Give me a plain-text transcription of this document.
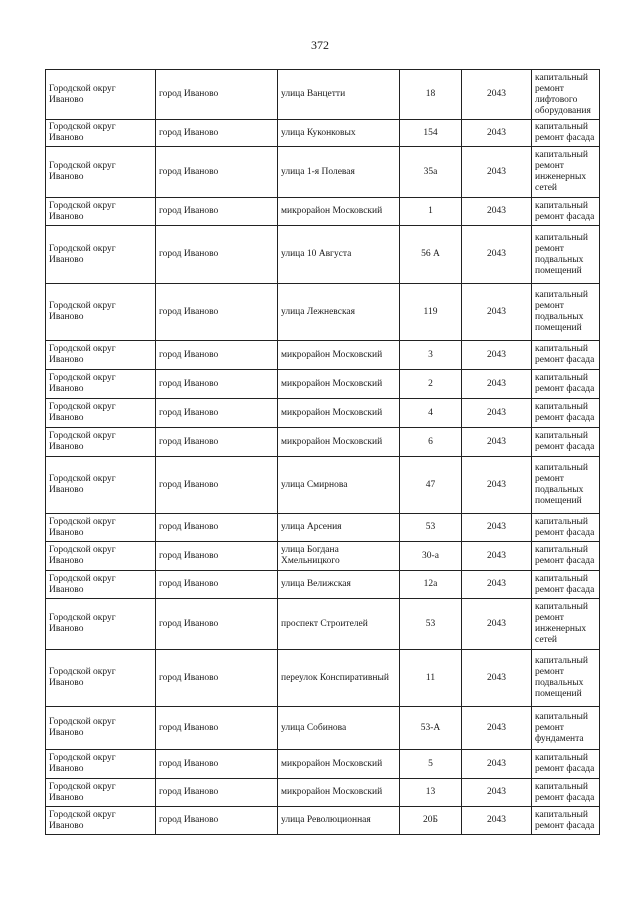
372
Городской округ Иваново	город Иваново	улица Ванцетти	18	2043	капитальный ремонт лифтового оборудования
Городской округ Иваново	город Иваново	улица Куконковых	154	2043	капитальный ремонт фасада
Городской округ Иваново	город Иваново	улица 1-я Полевая	35а	2043	капитальный ремонт инженерных сетей
Городской округ Иваново	город Иваново	микрорайон Московский	1	2043	капитальный ремонт фасада
Городской округ Иваново	город Иваново	улица 10 Августа	56 А	2043	капитальный ремонт подвальных помещений
Городской округ Иваново	город Иваново	улица Лежневская	119	2043	капитальный ремонт подвальных помещений
Городской округ Иваново	город Иваново	микрорайон Московский	3	2043	капитальный ремонт фасада
Городской округ Иваново	город Иваново	микрорайон Московский	2	2043	капитальный ремонт фасада
Городской округ Иваново	город Иваново	микрорайон Московский	4	2043	капитальный ремонт фасада
Городской округ Иваново	город Иваново	микрорайон Московский	6	2043	капитальный ремонт фасада
Городской округ Иваново	город Иваново	улица Смирнова	47	2043	капитальный ремонт подвальных помещений
Городской округ Иваново	город Иваново	улица Арсения	53	2043	капитальный ремонт фасада
Городской округ Иваново	город Иваново	улица Богдана Хмельницкого	30-а	2043	капитальный ремонт фасада
Городской округ Иваново	город Иваново	улица Велижская	12а	2043	капитальный ремонт фасада
Городской округ Иваново	город Иваново	проспект Строителей	53	2043	капитальный ремонт инженерных сетей
Городской округ Иваново	город Иваново	переулок Конспиративный	11	2043	капитальный ремонт подвальных помещений
Городской округ Иваново	город Иваново	улица Собинова	53-А	2043	капитальный ремонт фундамента
Городской округ Иваново	город Иваново	микрорайон Московский	5	2043	капитальный ремонт фасада
Городской округ Иваново	город Иваново	микрорайон Московский	13	2043	капитальный ремонт фасада
Городской округ Иваново	город Иваново	улица Революционная	20Б	2043	капитальный ремонт фасада
